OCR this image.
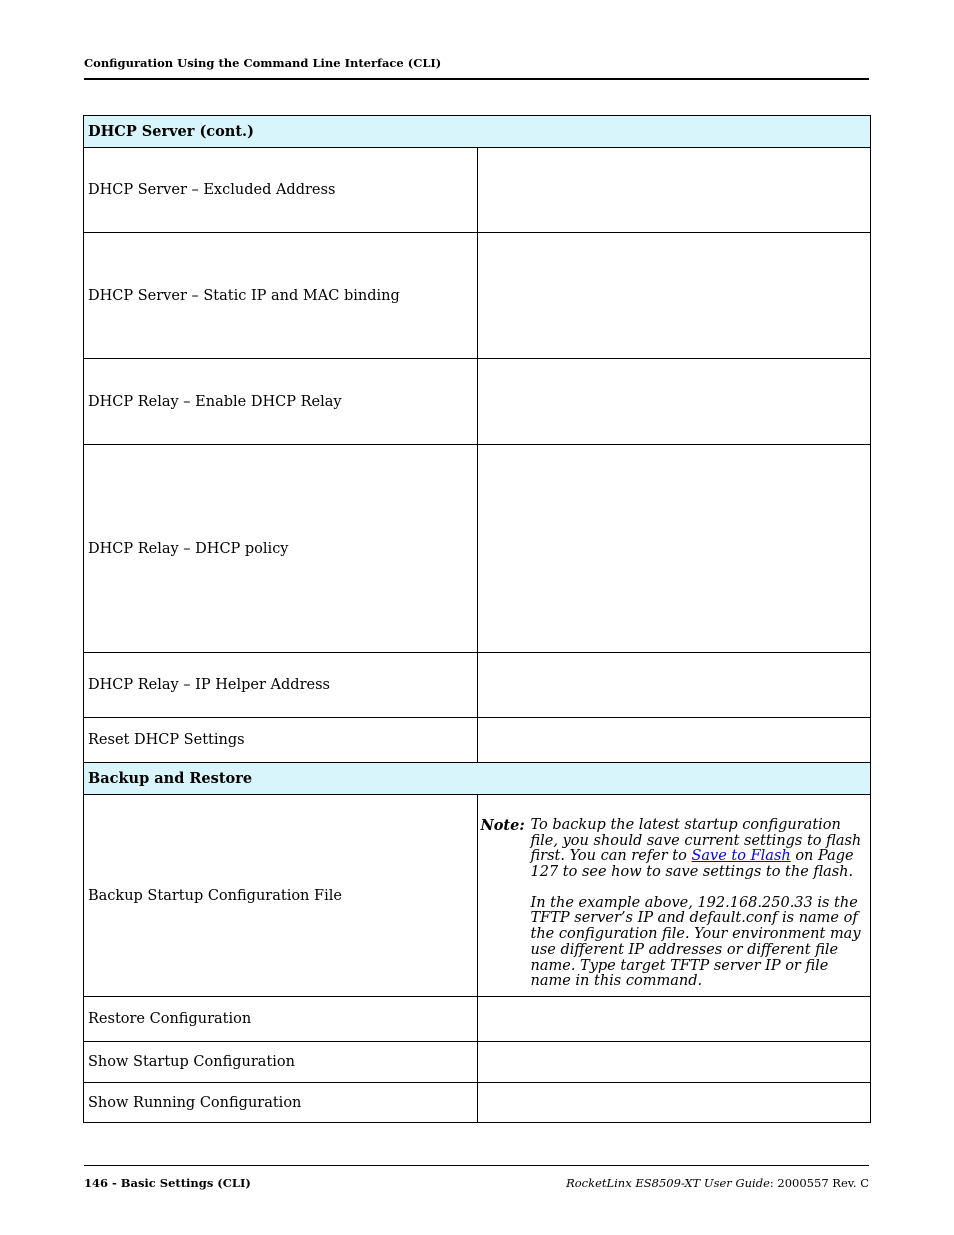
Configuration Using the Command Line Interface (CLI)
DHCP Server (cont.)	
DHCP Server – Excluded Address	
DHCP Server – Static IP and MAC binding	
DHCP Relay – Enable DHCP Relay	
DHCP Relay – DHCP policy	
DHCP Relay – IP Helper Address	
Reset DHCP Settings	
Backup and Restore	
Backup Startup Configuration File	Note: To backup the latest startup configuration file, you should save current settings to flash first. You can refer to Save to Flash on Page 127 to see how to save settings to the flash.

In the example above, 192.168.250.33 is the TFTP server’s IP and default.conf is name of the configuration file. Your environment may use different IP addresses or different file name. Type target TFTP server IP or file name in this command.

Restore Configuration	
Show Startup Configuration	
Show Running Configuration	
146 - Basic Settings (CLI)	RocketLinx ES8509-XT User Guide: 2000557 Rev. C
